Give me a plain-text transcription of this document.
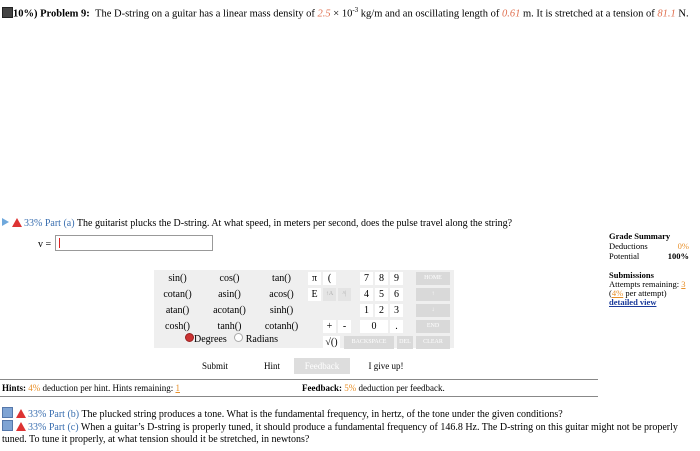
10%) Problem 9: The D-string on a guitar has a linear mass density of $2.5 \times 10^{-3}$ kg/m and an oscillating length of 0.61 m. It is stretched at a tension of 81.1 N.
33% Part (a) The guitarist plucks the D-string. At what speed, in meters per second, does the pulse travel along the string?
v =
sin()	cos()	tan()
cotan()	asin()	acos()
atan()	acotan()	sinh()
cosh()	tanh()	cotanh()
π	(
E	↑A	^|
+	-
√()
7	8	9
4	5	6
1	2	3
0	.
HOME
↑
↓
END
BACKSPACE	DEL	CLEAR
Degrees Radians
Submit	Hint	Feedback	I give up!
Hints: 4% deduction per hint. Hints remaining: 1	Feedback: 5% deduction per feedback.
33% Part (b) The plucked string produces a tone. What is the fundamental frequency, in hertz, of the tone under the given conditions?
33% Part (c) When a guitar’s D-string is properly tuned, it should produce a fundamental frequency of 146.8 Hz. The D-string on this guitar might not be properly tuned. To tune it properly, at what tension should it be stretched, in newtons?
Grade Summary
Deductions	0%
Potential	100%
Submissions
Attempts remaining: 3
(4% per attempt)
detailed view
